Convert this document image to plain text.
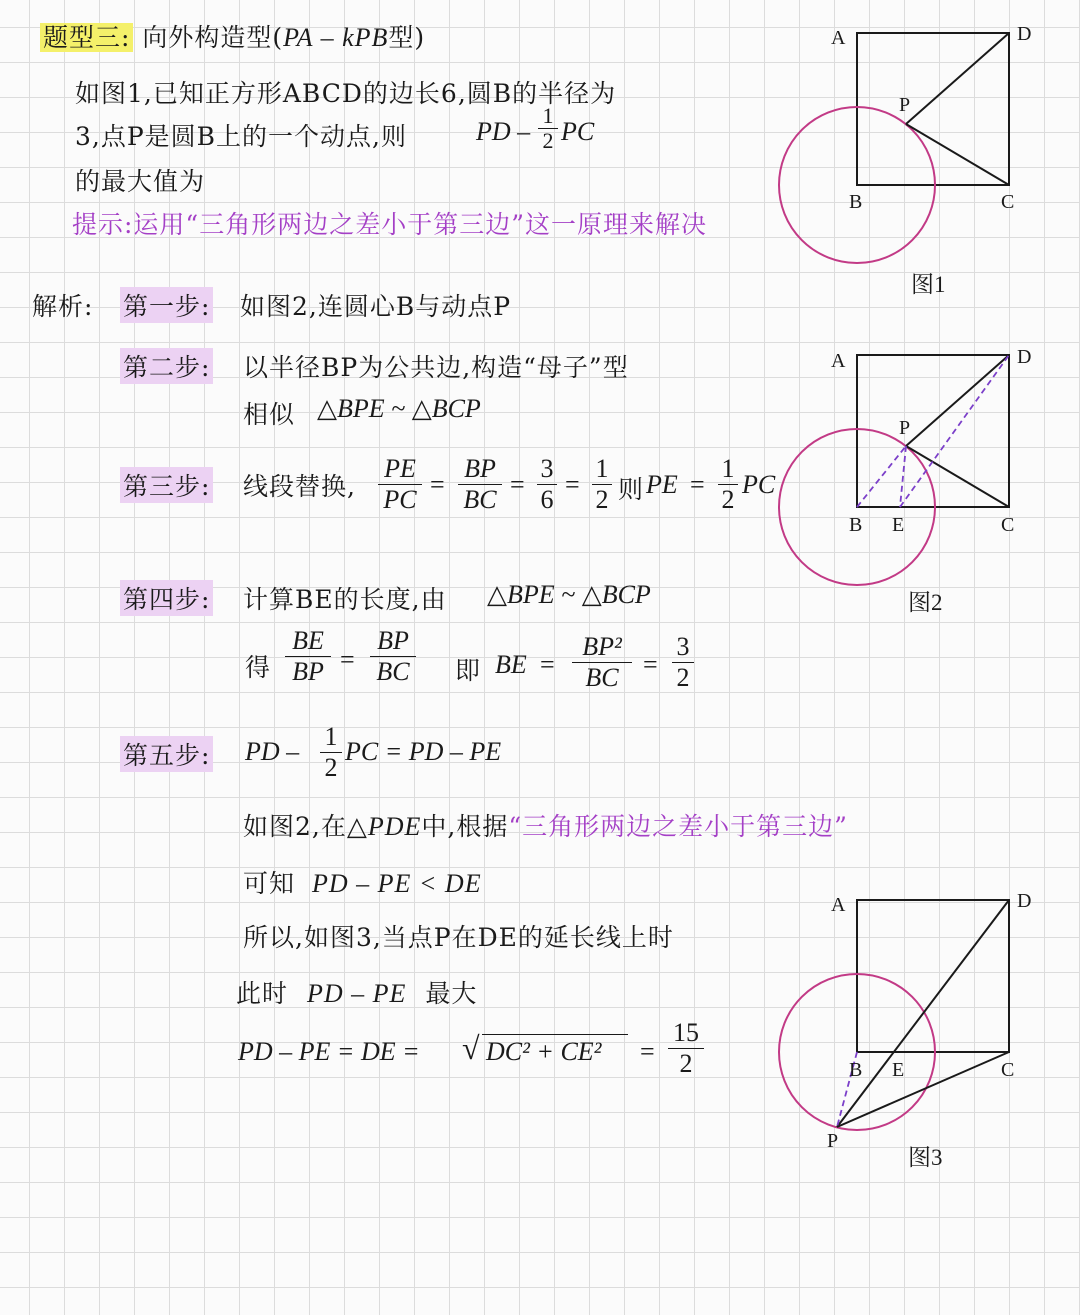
题型三: 向外构造型(PA – kPB型)
如图1,已知正方形ABCD的边长6,圆B的半径为
3,点P是圆B上的一个动点,则	PD –
1
2 PC
的最大值为
提示:运用“三角形两边之差小于第三边”这一原理来解决
解析: 第一步: 如图2,连圆心B与动点P
第二步: 以半径BP为公共边,构造“母子”型
相似 △BPE ~ △BCP
第三步: 线段替换,
PE
PC
=
BP
BC
=
3
6
=
1
2 则 PE =
1
2
PC
第四步: 计算BE的长度,由 △BPE ~ △BCP
得
BE
BP =
BP
BC 即 BE =
BP²
BC =
3
2
第五步: PD –
1
2
PC = PD – PE
如图2,在△PDE中,根据“三角形两边之差小于第三边”
可知 PD – PE < DE
所以,如图3,当点P在DE的延长线上时
此时 PD – PE 最大
PD – PE = DE = √ DC² + CE² =
15
2
A	D
P
B	C
图1
A	D
P
B E	C
图2
A	D
B E	C
P
图3
